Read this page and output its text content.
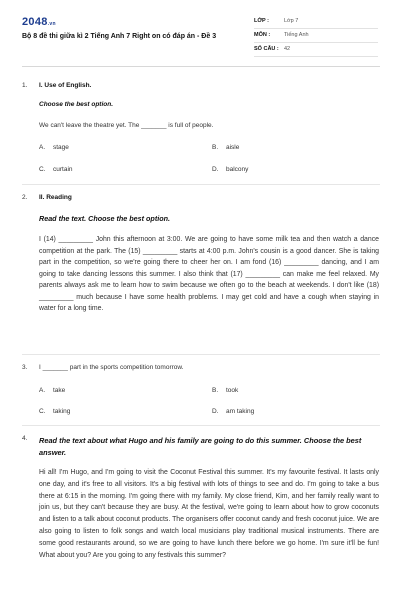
2048.vn
Bộ 8 đề thi giữa kì 2 Tiếng Anh 7 Right on có đáp án - Đề 3
LỚP :	Lớp 7
MÔN :	Tiếng Anh
SỐ CÂU : 42
1. I. Use of English.
Choose the best option.
We can't leave the theatre yet. The _______ is full of people.
A. stage	B. aisle
C. curtain	D. balcony
2. II. Reading
Read the text. Choose the best option.

I (14) _________ John this afternoon at 3:00. We are going to have some milk tea and then watch a dance competition at the park. The (15) _________ starts at 4:00 p.m. John's cousin is a good dancer. She is taking part in the competition, so we're going there to cheer her on. I am fond (16) _________ dancing, and I am going to take dancing lessons this summer. I also think that (17) _________ can make me feel relaxed. My parents always ask me to learn how to swim because we often go to the beach at weekends. I don't like (18) _________ much because I have some health problems. I may get cold and have a cough when staying in water for a long time.

3. I _______ part in the sports competition tomorrow.
A. take	B. took
C. taking	D. am taking
4. Read the text about what Hugo and his family are going to do this summer. Choose the best answer.
Hi all! I'm Hugo, and I'm going to visit the Coconut Festival this summer. It's my favourite festival. It lasts only one day, and it's free to all visitors. It's a big festival with lots of things to see and do. I'm going to take a bus there at 6:15 in the morning. I'm going there with my family. My close friend, Kim, and her family really want to join us, but they can't because they are busy. At the festival, we're going to learn about how to grow coconuts and listen to a talk about coconut products. The organisers offer coconut candy and fresh coconut juice. We are also going to listen to folk songs and watch local musicians play traditional musical instruments. There are some good restaurants around, so we are going to have lunch there before we go home. I'm sure it'll be fun! What about you? Are you going to any festivals this summer?
